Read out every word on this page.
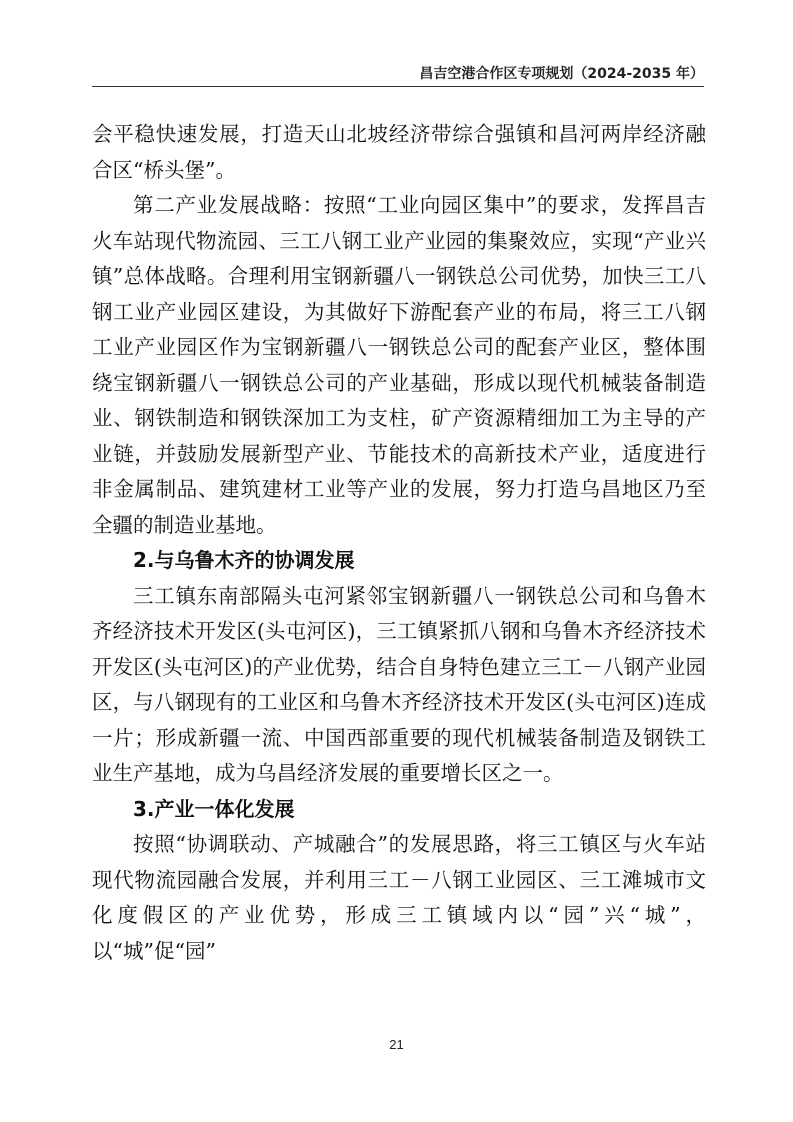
昌吉空港合作区专项规划（2024-2035 年）

会平稳快速发展，打造天山北坡经济带综合强镇和昌河两岸经济融合区“桥头堡”。

第二产业发展战略：按照“工业向园区集中”的要求，发挥昌吉火车站现代物流园、三工八钢工业产业园的集聚效应，实现“产业兴镇”总体战略。合理利用宝钢新疆八一钢铁总公司优势，加快三工八钢工业产业园区建设，为其做好下游配套产业的布局，将三工八钢工业产业园区作为宝钢新疆八一钢铁总公司的配套产业区，整体围绕宝钢新疆八一钢铁总公司的产业基础，形成以现代机械装备制造业、钢铁制造和钢铁深加工为支柱，矿产资源精细加工为主导的产业链，并鼓励发展新型产业、节能技术的高新技术产业，适度进行非金属制品、建筑建材工业等产业的发展，努力打造乌昌地区乃至全疆的制造业基地。

2.与乌鲁木齐的协调发展

三工镇东南部隔头屯河紧邻宝钢新疆八一钢铁总公司和乌鲁木齐经济技术开发区(头屯河区)，三工镇紧抓八钢和乌鲁木齐经济技术开发区(头屯河区)的产业优势，结合自身特色建立三工－八钢产业园区，与八钢现有的工业区和乌鲁木齐经济技术开发区(头屯河区)连成一片；形成新疆一流、中国西部重要的现代机械装备制造及钢铁工业生产基地，成为乌昌经济发展的重要增长区之一。

3.产业一体化发展

按照“协调联动、产城融合”的发展思路，将三工镇区与火车站现代物流园融合发展，并利用三工－八钢工业园区、三工滩城市文化度假区的产业优势，形成三工镇域内以“园”兴“城”，以“城”促“园”

21
